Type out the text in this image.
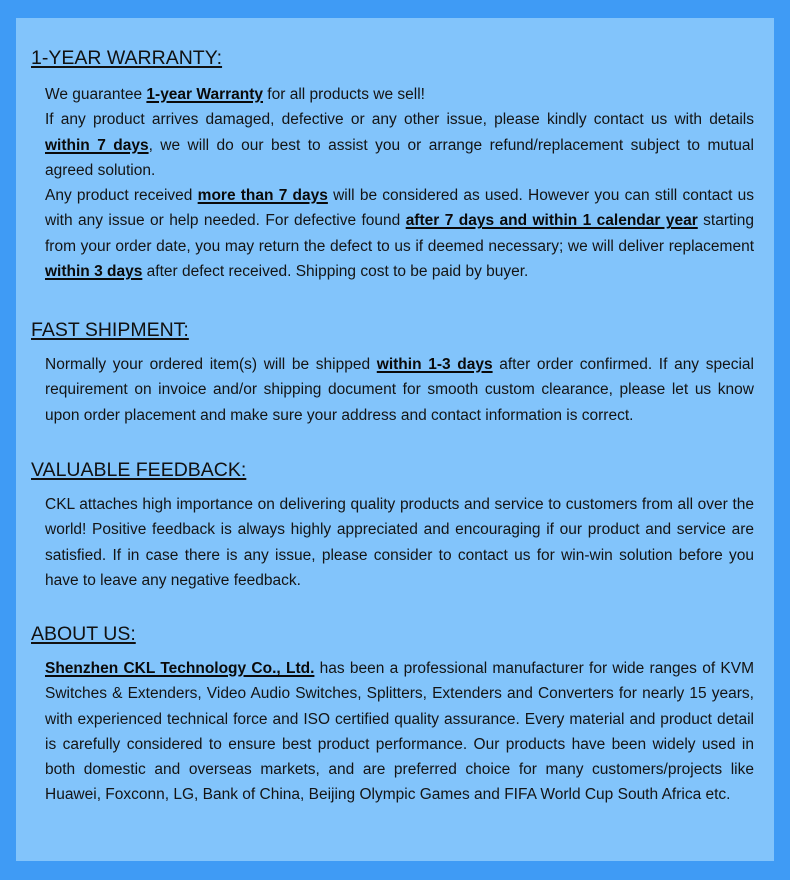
1-YEAR WARRANTY:
We guarantee 1-year Warranty for all products we sell!
If any product arrives damaged, defective or any other issue, please kindly contact us with details within 7 days, we will do our best to assist you or arrange refund/replacement subject to mutual agreed solution.
Any product received more than 7 days will be considered as used. However you can still contact us with any issue or help needed. For defective found after 7 days and within 1 calendar year starting from your order date, you may return the defect to us if deemed necessary; we will deliver replacement within 3 days after defect received. Shipping cost to be paid by buyer.
FAST SHIPMENT:
Normally your ordered item(s) will be shipped within 1-3 days after order confirmed. If any special requirement on invoice and/or shipping document for smooth custom clearance, please let us know upon order placement and make sure your address and contact information is correct.
VALUABLE FEEDBACK:
CKL attaches high importance on delivering quality products and service to customers from all over the world! Positive feedback is always highly appreciated and encouraging if our product and service are satisfied. If in case there is any issue, please consider to contact us for win-win solution before you have to leave any negative feedback.
ABOUT US:
Shenzhen CKL Technology Co., Ltd. has been a professional manufacturer for wide ranges of KVM Switches & Extenders, Video Audio Switches, Splitters, Extenders and Converters for nearly 15 years, with experienced technical force and ISO certified quality assurance. Every material and product detail is carefully considered to ensure best product performance. Our products have been widely used in both domestic and overseas markets, and are preferred choice for many customers/projects like Huawei, Foxconn, LG, Bank of China, Beijing Olympic Games and FIFA World Cup South Africa etc.
